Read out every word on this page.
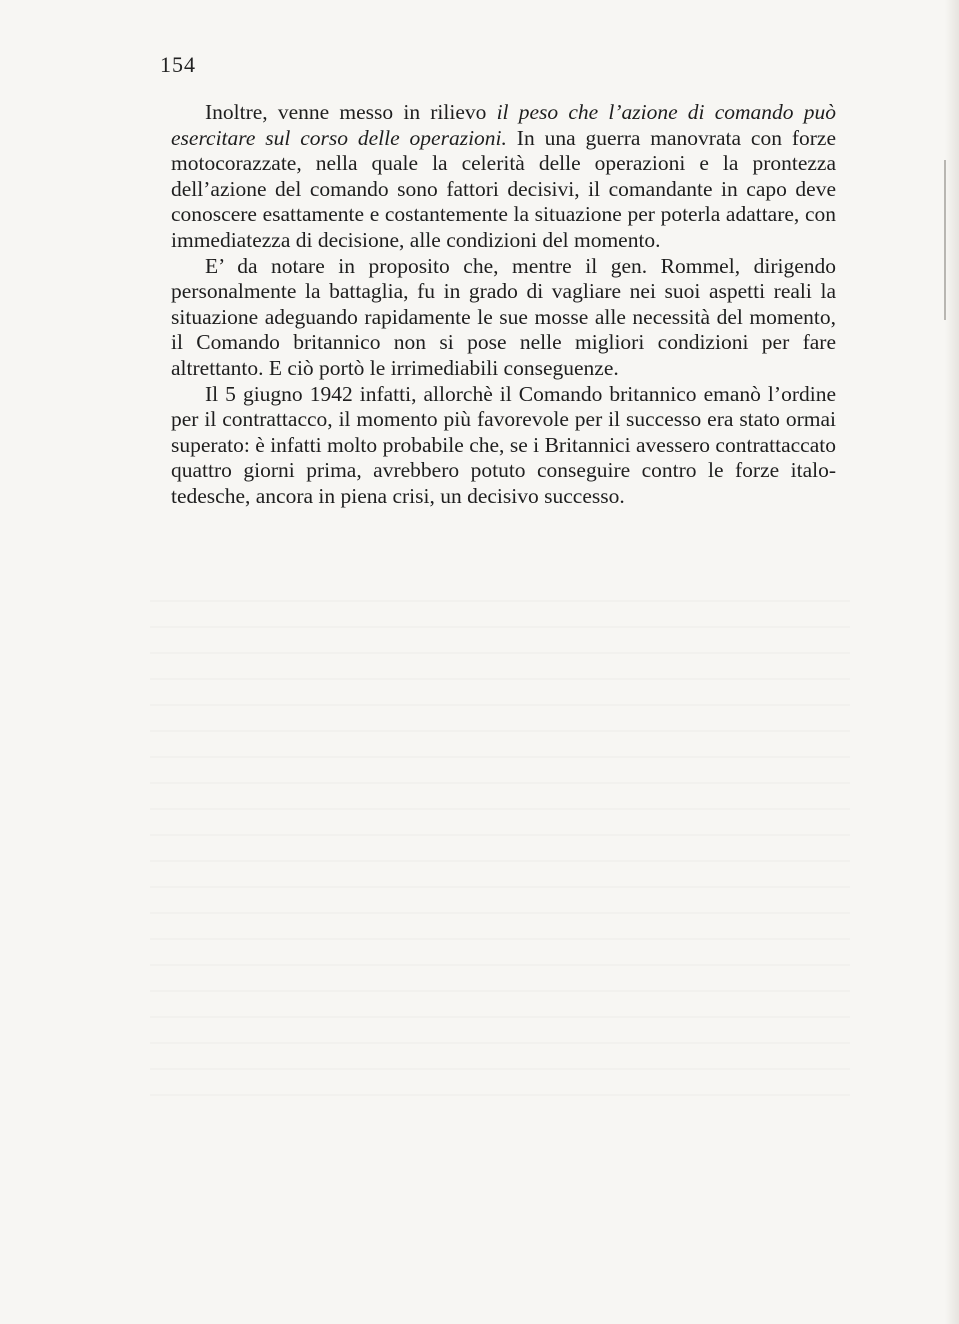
154

Inoltre, venne messo in rilievo il peso che l’azione di comando può esercitare sul corso delle operazioni. In una guerra manovrata con forze motocorazzate, nella quale la celerità delle operazioni e la prontezza dell’azione del comando sono fattori decisivi, il comandante in capo deve conoscere esattamente e costantemente la situazione per poterla adattare, con immediatezza di decisione, alle condizioni del momento.

E’ da notare in proposito che, mentre il gen. Rommel, dirigendo personalmente la battaglia, fu in grado di vagliare nei suoi aspetti reali la situazione adeguando rapidamente le sue mosse alle necessità del momento, il Comando britannico non si pose nelle migliori condizioni per fare altrettanto. E ciò portò le irrimediabili conseguenze.

Il 5 giugno 1942 infatti, allorchè il Comando britannico emanò l’ordine per il contrattacco, il momento più favorevole per il successo era stato ormai superato: è infatti molto probabile che, se i Britannici avessero contrattaccato quattro giorni prima, avrebbero potuto conseguire contro le forze italo-tedesche, ancora in piena crisi, un decisivo successo.
